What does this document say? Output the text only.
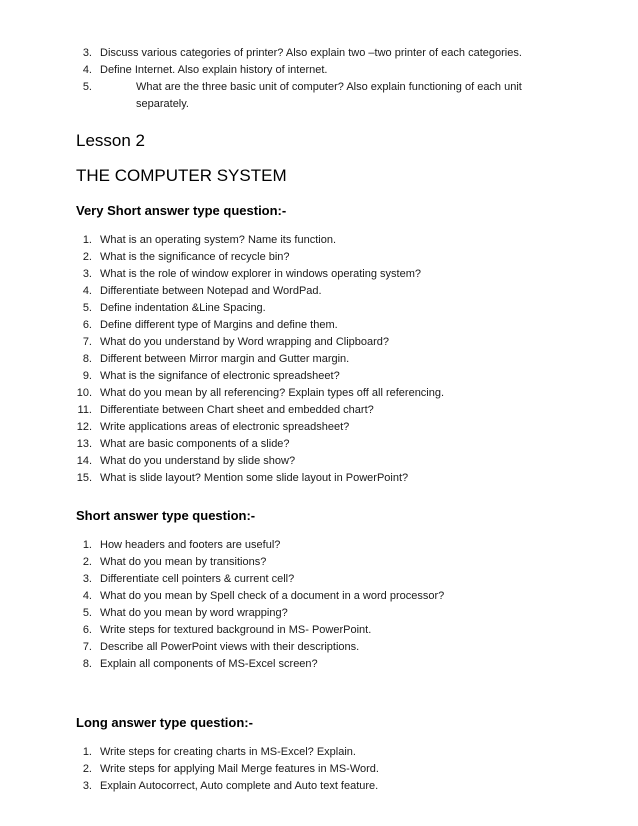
3. Discuss various categories of printer? Also explain two –two printer of each categories.
4. Define Internet. Also explain history of internet.
5.	What are the three basic unit of computer? Also explain functioning of each unit separately.
Lesson 2
THE COMPUTER SYSTEM
Very Short answer type question:-
1. What is an operating system? Name its function.
2. What is the significance of recycle bin?
3. What is the role of window explorer in windows operating system?
4. Differentiate between Notepad and WordPad.
5. Define indentation &Line Spacing.
6. Define different type of Margins and define them.
7. What do you understand by Word wrapping and Clipboard?
8. Different between Mirror margin and Gutter margin.
9. What is the signifance of electronic spreadsheet?
10. What do you mean by all referencing? Explain types off all referencing.
11. Differentiate between Chart sheet and embedded chart?
12. Write applications areas of electronic spreadsheet?
13. What are basic components of a slide?
14. What do you understand by slide show?
15. What is slide layout? Mention some slide layout in PowerPoint?
Short answer type question:-
1. How headers and footers are useful?
2. What do you mean by transitions?
3. Differentiate cell pointers & current cell?
4. What do you mean by Spell check of a document in a word processor?
5. What do you mean by word wrapping?
6. Write steps for textured background in MS- PowerPoint.
7. Describe all PowerPoint views with their descriptions.
8. Explain all components of MS-Excel screen?
Long answer type question:-
1. Write steps for creating charts in MS-Excel? Explain.
2. Write steps for applying Mail Merge features in MS-Word.
3. Explain Autocorrect, Auto complete and Auto text feature.
